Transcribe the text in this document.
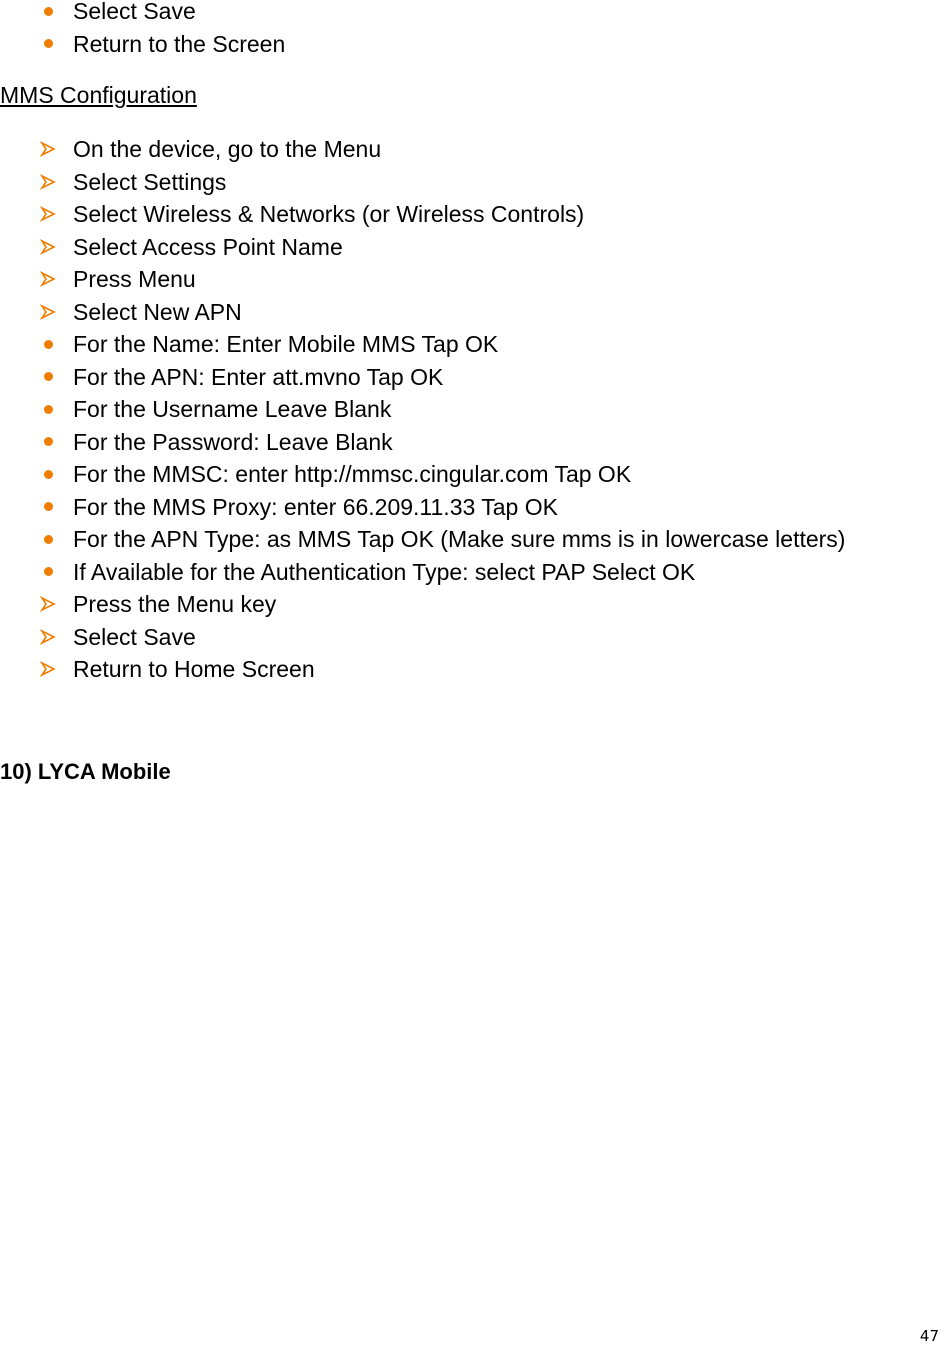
Select Save
Return to the Screen
MMS Configuration
On the device, go to the Menu
Select Settings
Select Wireless & Networks (or Wireless Controls)
Select Access Point Name
Press Menu
Select New APN
For the Name: Enter Mobile MMS Tap OK
For the APN: Enter att.mvno Tap OK
For the Username Leave Blank
For the Password: Leave Blank
For the MMSC: enter http://mmsc.cingular.com Tap OK
For the MMS Proxy: enter 66.209.11.33 Tap OK
For the APN Type: as MMS Tap OK (Make sure mms is in lowercase letters)
If Available for the Authentication Type: select PAP Select OK
Press the Menu key
Select Save
Return to Home Screen
10) LYCA Mobile
47
